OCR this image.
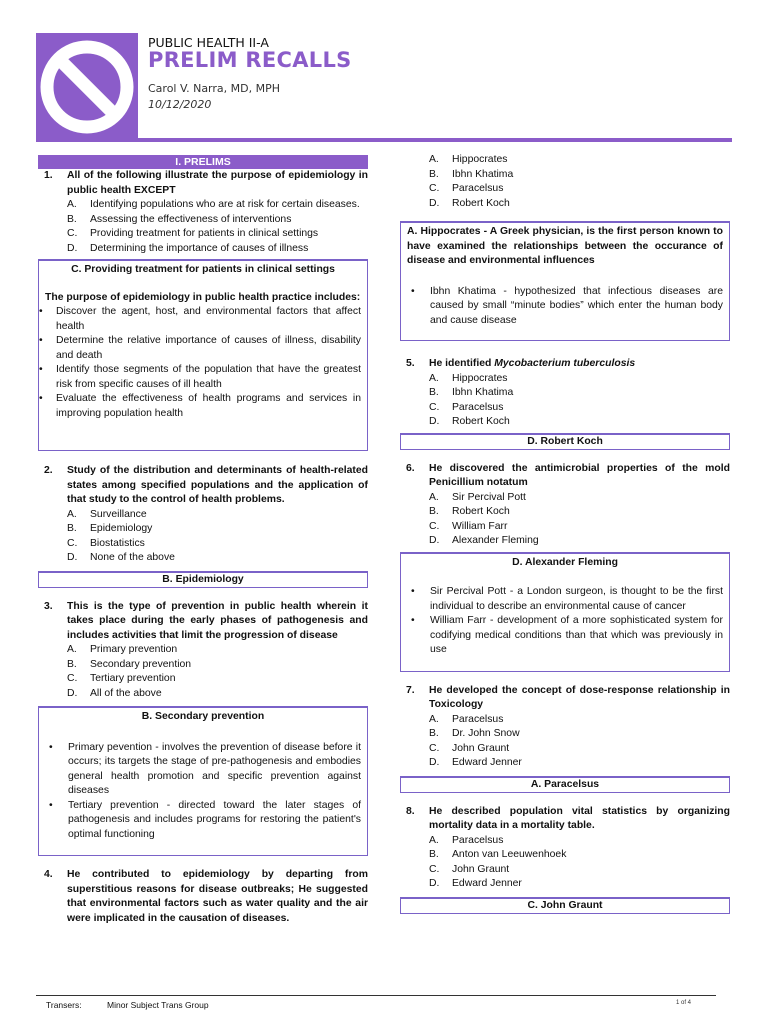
PUBLIC HEALTH II-A
PRELIM RECALLS
Carol V. Narra, MD, MPH
10/12/2020
I. PRELIMS
1.	All of the following illustrate the purpose of epidemiology in public health EXCEPT
A.	Identifying populations who are at risk for certain diseases.
B.	Assessing the effectiveness of interventions
C.	Providing treatment for patients in clinical settings
D.	Determining the importance of causes of illness
C. Providing treatment for patients in clinical settings
The purpose of epidemiology in public health practice includes:
•	Discover the agent, host, and environmental factors that affect health
•	Determine the relative importance of causes of illness, disability and death
•	Identify those segments of the population that have the greatest risk from specific causes of ill health
•	Evaluate the effectiveness of health programs and services in improving population health
2.	Study of the distribution and determinants of health-related states among specified populations and the application of that study to the control of health problems.
A.	Surveillance
B.	Epidemiology
C.	Biostatistics
D.	None of the above
B. Epidemiology
3.	This is the type of prevention in public health wherein it takes place during the early phases of pathogenesis and includes activities that limit the progression of disease
A.	Primary prevention
B.	Secondary prevention
C.	Tertiary prevention
D.	All of the above
B. Secondary prevention
•	Primary pevention - involves the prevention of disease before it occurs; its targets the stage of pre-pathogenesis and embodies general health promotion and specific prevention against diseases
•	Tertiary prevention - directed toward the later stages of pathogenesis and includes programs for restoring the patient's optimal functioning
4.	He contributed to epidemiology by departing from superstitious reasons for disease outbreaks; He suggested that environmental factors such as water quality and the air were implicated in the causation of diseases.
A.	Hippocrates
B.	Ibhn Khatima
C.	Paracelsus
D.	Robert Koch
A. Hippocrates - A Greek physician, is the first person known to have examined the relationships between the occurance of disease and environmental influences
•	Ibhn Khatima - hypothesized that infectious diseases are caused by small “minute bodies” which enter the human body and cause disease
5.	He identified Mycobacterium tuberculosis
A.	Hippocrates
B.	Ibhn Khatima
C.	Paracelsus
D.	Robert Koch
D. Robert Koch
6.	He discovered the antimicrobial properties of the mold Penicillium notatum
A.	Sir Percival Pott
B.	Robert Koch
C.	William Farr
D.	Alexander Fleming
D. Alexander Fleming
•	Sir Percival Pott - a London surgeon, is thought to be the first individual to describe an environmental cause of cancer
•	William Farr - development of a more sophisticated system for codifying medical conditions than that which was previously in use
7.	He developed the concept of dose-response relationship in Toxicology
A.	Paracelsus
B.	Dr. John Snow
C.	John Graunt
D.	Edward Jenner
A. Paracelsus
8.	He described population vital statistics by organizing mortality data in a mortality table.
A.	Paracelsus
B.	Anton van Leeuwenhoek
C.	John Graunt
D.	Edward Jenner
C. John Graunt
Transers:	Minor Subject Trans Group	1 of 4
